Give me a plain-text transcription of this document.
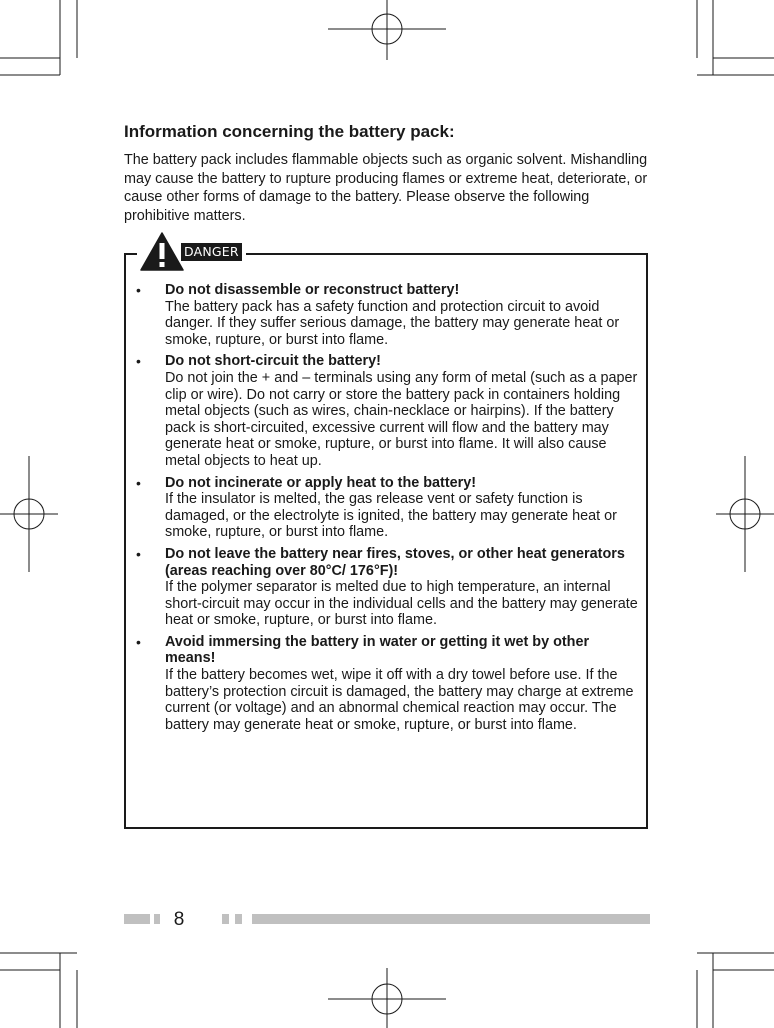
Information concerning the battery pack:

The battery pack includes flammable objects such as organic solvent. Mishandling may cause the battery to rupture producing flames or extreme heat, deteriorate, or cause other forms of damage to the battery. Please observe the following prohibitive matters.

DANGER
• Do not disassemble or reconstruct battery!
The battery pack has a safety function and protection circuit to avoid danger. If they suffer serious damage, the battery may generate heat or smoke, rupture, or burst into flame.
• Do not short-circuit the battery!
Do not join the + and – terminals using any form of metal (such as a paper clip or wire). Do not carry or store the battery pack in containers holding metal objects (such as wires, chain-necklace or hairpins). If the battery pack is short-circuited, excessive current will flow and the battery may generate heat or smoke, rupture, or burst into flame. It will also cause metal objects to heat up.
• Do not incinerate or apply heat to the battery!
If the insulator is melted, the gas release vent or safety function is damaged, or the electrolyte is ignited, the battery may generate heat or smoke, rupture, or burst into flame.
• Do not leave the battery near fires, stoves, or other heat generators (areas reaching over 80°C/ 176°F)!
If the polymer separator is melted due to high temperature, an internal short-circuit may occur in the individual cells and the battery may generate heat or smoke, rupture, or burst into flame.
• Avoid immersing the battery in water or getting it wet by other means!
If the battery becomes wet, wipe it off with a dry towel before use. If the battery’s protection circuit is damaged, the battery may charge at extreme current (or voltage) and an abnormal chemical reaction may occur. The battery may generate heat or smoke, rupture, or burst into flame.
8
